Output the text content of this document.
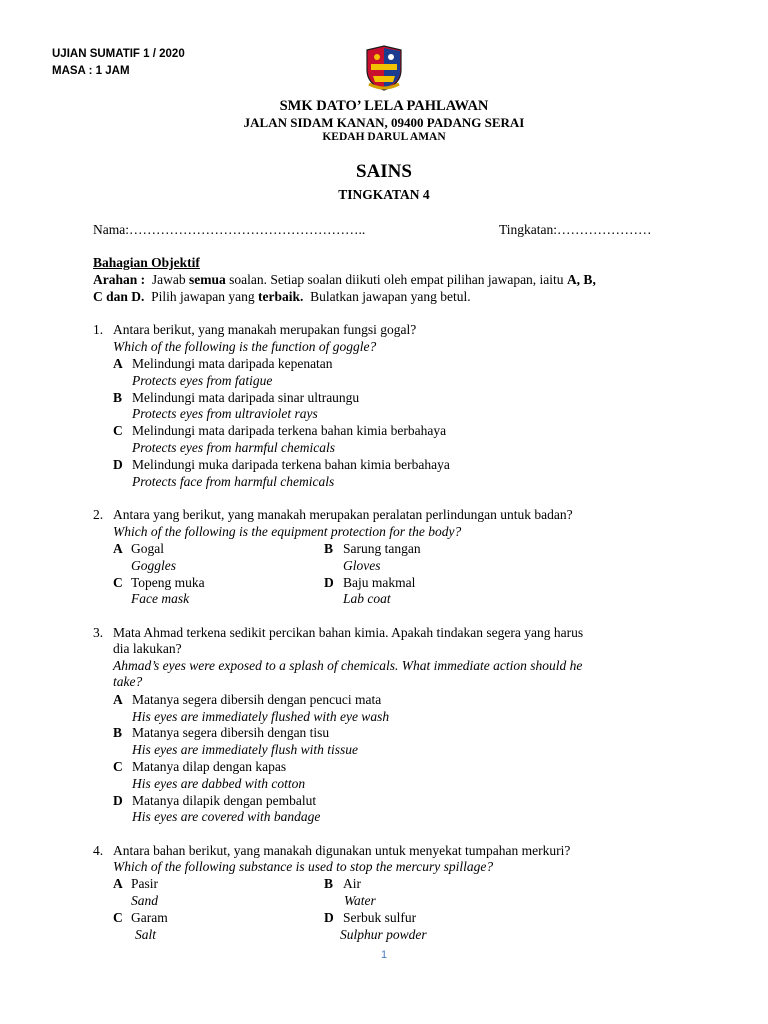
UJIAN SUMATIF 1 / 2020
MASA : 1 JAM
SMK DATO’ LELA PAHLAWAN
JALAN SIDAM KANAN, 09400 PADANG SERAI
KEDAH DARUL AMAN
SAINS
TINGKATAN 4
Nama:……………………………………………..	Tingkatan:…………………
Bahagian Objektif
Arahan : Jawab semua soalan. Setiap soalan diikuti oleh empat pilihan jawapan, iaitu A, B,
C dan D. Pilih jawapan yang terbaik. Bulatkan jawapan yang betul.
1. Antara berikut, yang manakah merupakan fungsi gogal?
Which of the following is the function of goggle?
A Melindungi mata daripada kepenatan
Protects eyes from fatigue
B Melindungi mata daripada sinar ultraungu
Protects eyes from ultraviolet rays
C Melindungi mata daripada terkena bahan kimia berbahaya
Protects eyes from harmful chemicals
D Melindungi muka daripada terkena bahan kimia berbahaya
Protects face from harmful chemicals
2. Antara yang berikut, yang manakah merupakan peralatan perlindungan untuk badan?
Which of the following is the equipment protection for the body?
A Gogal
Goggles
B Sarung tangan
Gloves
C Topeng muka
Face mask
D Baju makmal
Lab coat
3. Mata Ahmad terkena sedikit percikan bahan kimia. Apakah tindakan segera yang harus
dia lakukan?
Ahmad’s eyes were exposed to a splash of chemicals. What immediate action should he
take?
A Matanya segera dibersih dengan pencuci mata
His eyes are immediately flushed with eye wash
B Matanya segera dibersih dengan tisu
His eyes are immediately flush with tissue
C Matanya dilap dengan kapas
His eyes are dabbed with cotton
D Matanya dilapik dengan pembalut
His eyes are covered with bandage
4. Antara bahan berikut, yang manakah digunakan untuk menyekat tumpahan merkuri?
Which of the following substance is used to stop the mercury spillage?
A Pasir
Sand
B Air
Water
C Garam
Salt
D Serbuk sulfur
Sulphur powder
1
